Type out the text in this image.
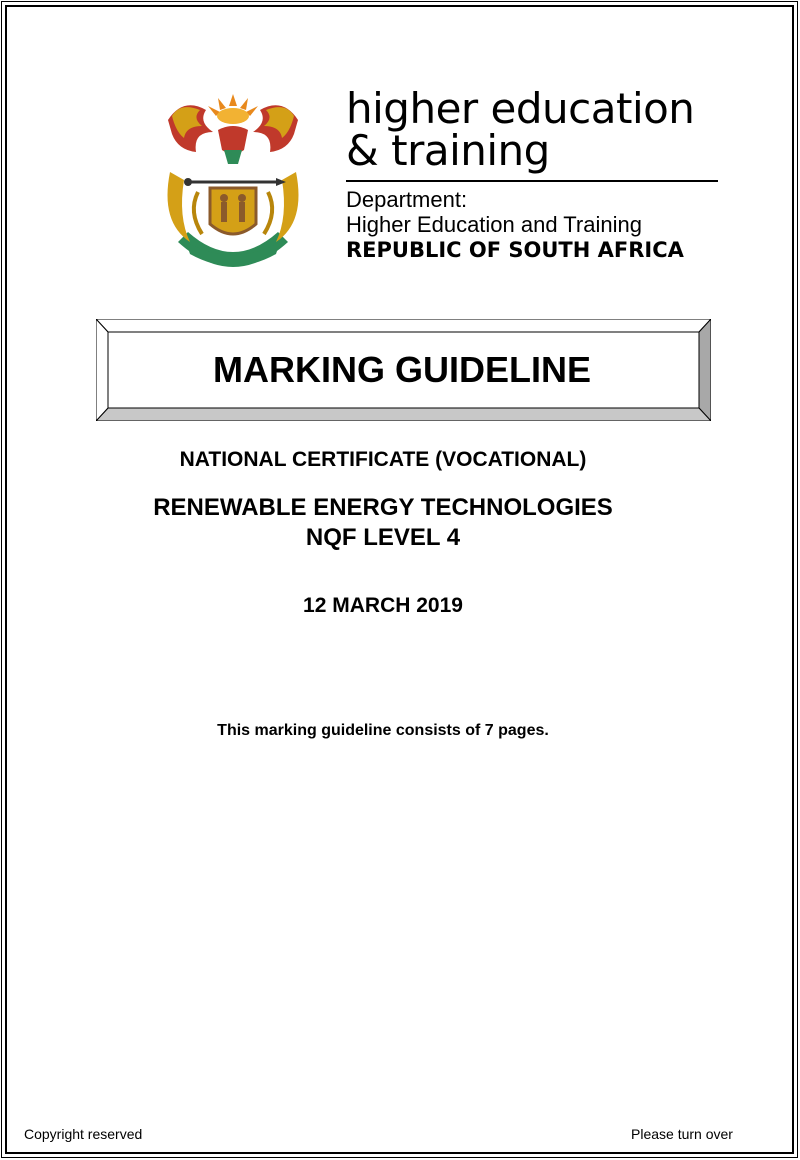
higher education
& training
Department:
Higher Education and Training
REPUBLIC OF SOUTH AFRICA
MARKING GUIDELINE
NATIONAL CERTIFICATE (VOCATIONAL)
RENEWABLE ENERGY TECHNOLOGIES
NQF LEVEL 4
12 MARCH 2019
This marking guideline consists of 7 pages.
Copyright reserved	Please turn over
